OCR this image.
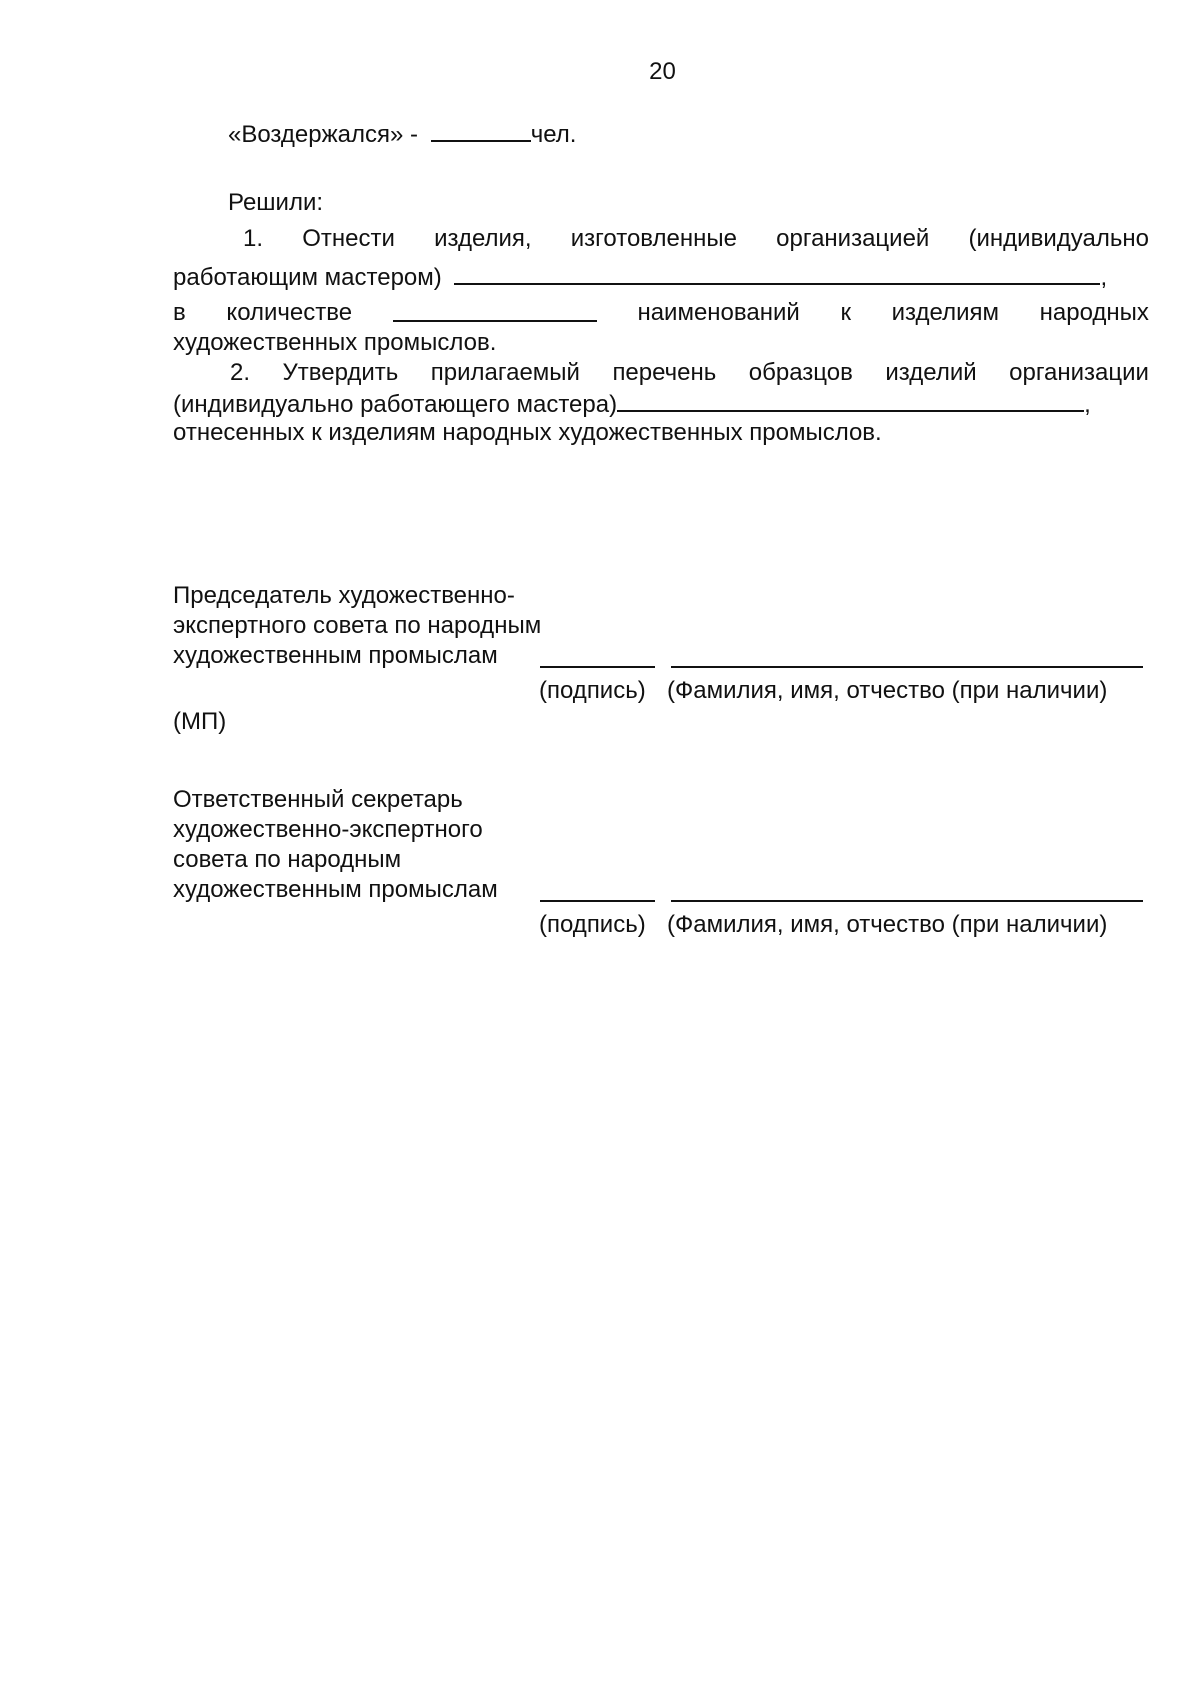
20
«Воздержался» -	чел.
Решили:
1. Отнести изделия, изготовленные организацией (индивидуально
работающим мастером)	,
в количестве	наименований к изделиям народных
художественных промыслов.
2. Утвердить прилагаемый перечень образцов изделий организации
(индивидуально работающего мастера)	,
отнесенных к изделиям народных художественных промыслов.
Председатель художественно-
экспертного совета по народным
художественным промыслам
(подпись) (Фамилия, имя, отчество (при наличии)
(МП)
Ответственный секретарь
художественно-экспертного
совета по народным
художественным промыслам
(подпись) (Фамилия, имя, отчество (при наличии)
